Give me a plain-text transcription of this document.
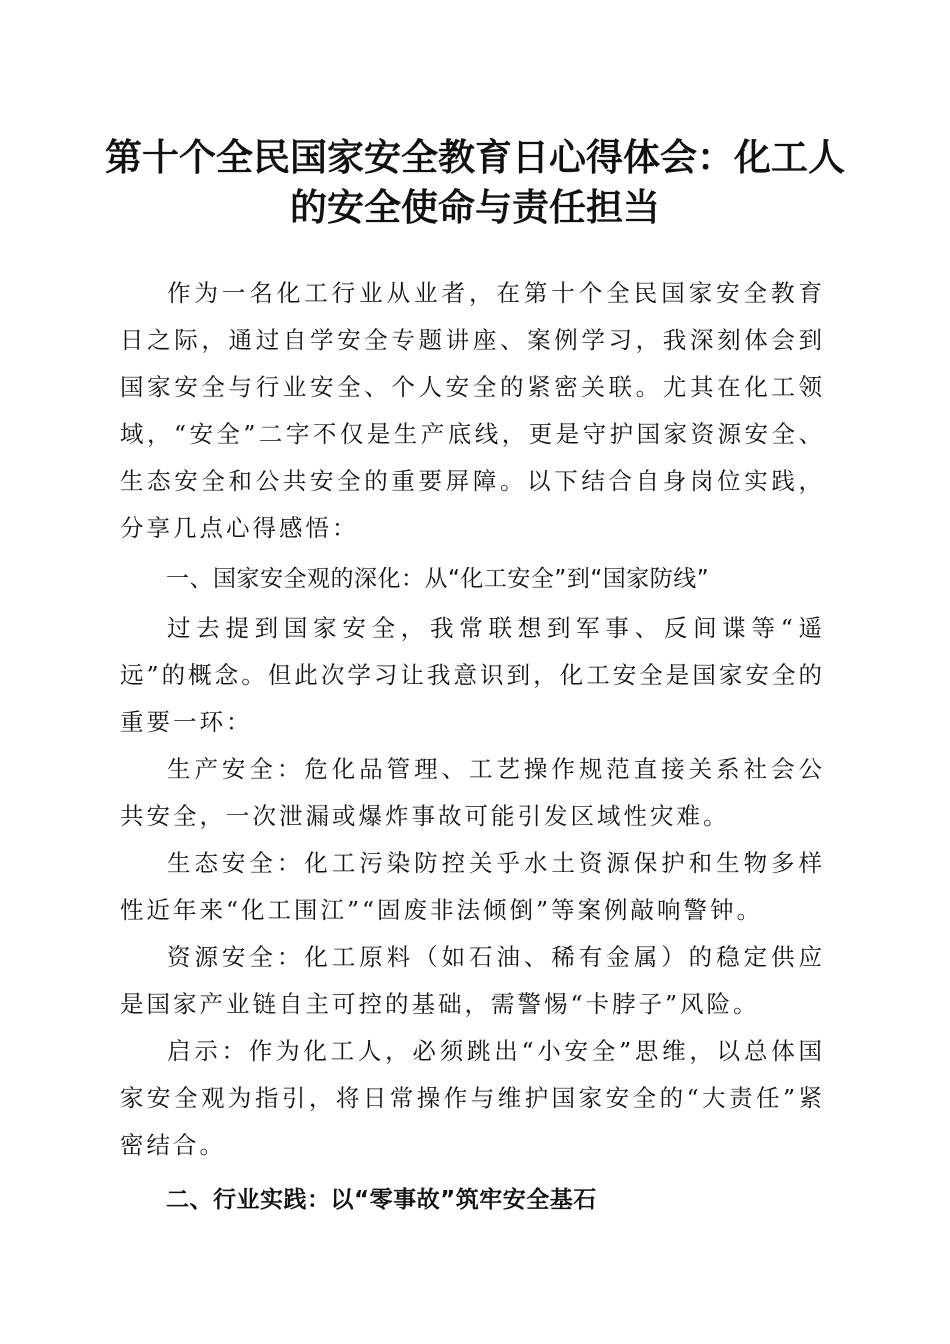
第十个全民国家安全教育日心得体会：化工人
的安全使命与责任担当

作为一名化工行业从业者，在第十个全民国家安全教育日之际，通过自学安全专题讲座、案例学习，我深刻体会到国家安全与行业安全、个人安全的紧密关联。尤其在化工领域，“安全”二字不仅是生产底线，更是守护国家资源安全、生态安全和公共安全的重要屏障。以下结合自身岗位实践，分享几点心得感悟：

一、国家安全观的深化：从“化工安全”到“国家防线”

过去提到国家安全，我常联想到军事、反间谍等“遥远”的概念。但此次学习让我意识到，化工安全是国家安全的重要一环：

生产安全：危化品管理、工艺操作规范直接关系社会公共安全，一次泄漏或爆炸事故可能引发区域性灾难。

生态安全：化工污染防控关乎水土资源保护和生物多样性近年来“化工围江”“固废非法倾倒”等案例敲响警钟。

资源安全：化工原料（如石油、稀有金属）的稳定供应是国家产业链自主可控的基础，需警惕“卡脖子”风险。

启示：作为化工人，必须跳出“小安全”思维，以总体国家安全观为指引，将日常操作与维护国家安全的“大责任”紧密结合。

二、行业实践：以“零事故”筑牢安全基石
